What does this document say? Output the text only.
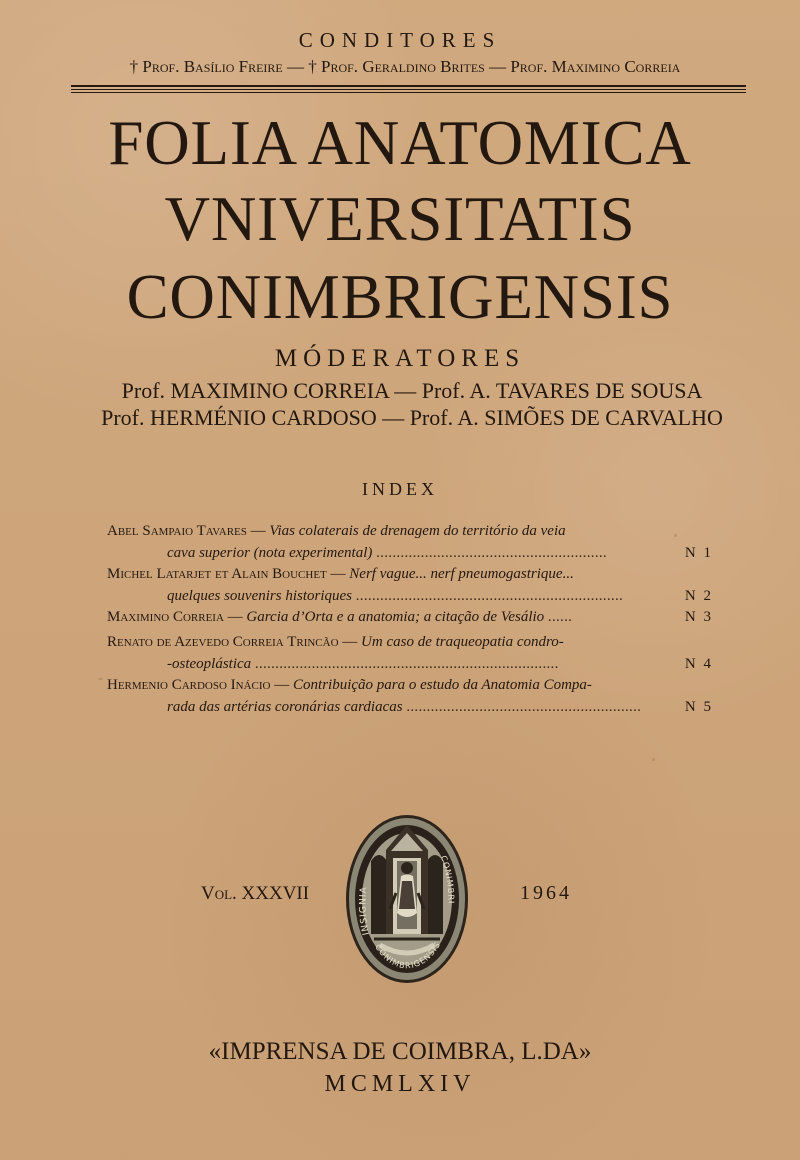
CONDITORES
† Prof. Basílio Freire — † Prof. Geraldino Brites — Prof. Maximino Correia
FOLIA ANATOMICA
VNIVERSITATIS
CONIMBRIGENSIS
MÓDERATORES
Prof. MAXIMINO CORREIA — Prof. A. TAVARES DE SOUSA
Prof. HERMÉNIO CARDOSO — Prof. A. SIMÕES DE CARVALHO
INDEX
Abel Sampaio Tavares — Vias colaterais de drenagem do território da veia
cava superior (nota experimental) .........................................................	N 1
Michel Latarjet et Alain Bouchet — Nerf vague... nerf pneumogastrique...
quelques souvenirs historiques ..................................................................	N 2
Maximino Correia — Garcia d’Orta e a anatomia; a citação de Vesálio ......	N 3
Renato de Azevedo Correia Trincão — Um caso de traqueopatia condro-
-osteoplástica ...........................................................................	N 4
Hermenio Cardoso Inácio — Contribuição para o estudo da Anatomia Compa-
rada das artérias coronárias cardiacas ..........................................................	N 5
Vol. XXXVII	1964
INSIGNIA
CONIMBRI
CONIMBRIGENSIS
«IMPRENSA DE COIMBRA, L.DA»
MCMLXIV
